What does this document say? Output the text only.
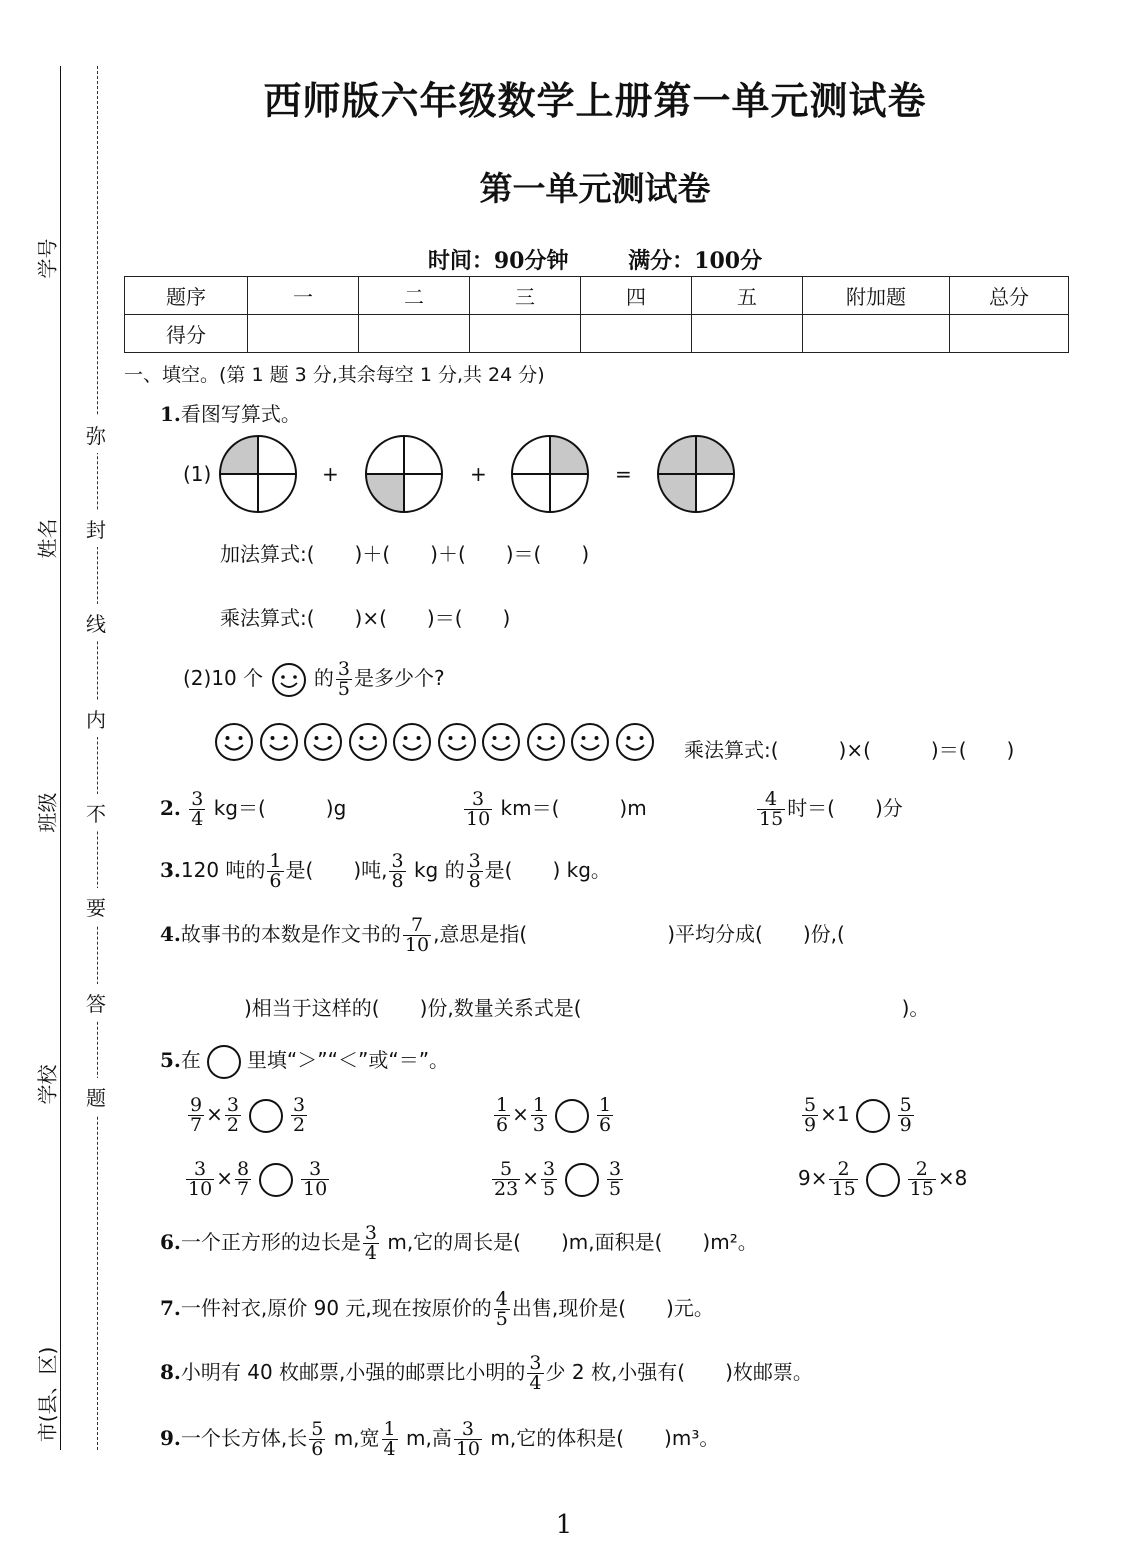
学号
姓名
班级
学校
市(县、区)
弥
封
线
内
不
要
答
题
西师版六年级数学上册第一单元测试卷
第一单元测试卷
时间：90分钟	满分：100分
题序	一	二	三	四	五	附加题	总分
得分							
一、填空。(第 1 题 3 分,其余每空 1 分,共 24 分)
1.看图写算式。
(1)	+	+	=
加法算式:(　　)＋(　　)＋(　　)＝(　　)
乘法算式:(　　)×(　　)＝(　　)
(2)10 个	的 $\frac{3}{5}$ 是多少个?
乘法算式:(　　　)×(　　　)＝(　　)
2. $\frac{3}{4} kg=$(　　　)g	$\frac{3}{10} km=$(　　　)m	$\frac{4}{15}$ 时＝(　　)分
3.120 吨的 $\frac{1}{6}$ 是(　　)吨, $\frac{3}{8}$ kg 的 $\frac{3}{8}$ 是(　　) kg。
4.故事书的本数是作文书的 $\frac{7}{10}$ ,意思是指(　　　　　　　)平均分成(　　)份,(
)相当于这样的(　　)份,数量关系式是(　　　　　　　　　　　　　　　　)。
5.在 里填“＞”“＜”或“＝”。
$\frac{9}{7} \times \frac{3}{2}$	$\frac{3}{2}$	$\frac{1}{6} \times \frac{1}{3}$	$\frac{1}{6}$	$\frac{5}{9} \times 1$	$\frac{5}{9}$
$\frac{3}{10} \times \frac{8}{7}$	$\frac{3}{10}$	$\frac{5}{23} \times \frac{3}{5}$	$\frac{3}{5}$	$9\times \frac{2}{15}$	$\frac{2}{15} \times 8$
6.一个正方形的边长是 $\frac{3}{4} m$,它的周长是(　　)m,面积是(　　)m²。
7.一件衬衣,原价 90 元,现在按原价的 $\frac{4}{5}$ 出售,现价是(　　)元。
8.小明有 40 枚邮票,小强的邮票比小明的 $\frac{3}{4}$ 少 2 枚,小强有(　　)枚邮票。
9.一个长方体,长 $\frac{5}{6} m$,宽 $\frac{1}{4} m$,高 $\frac{3}{10} m$,它的体积是(　　)m³。
1
